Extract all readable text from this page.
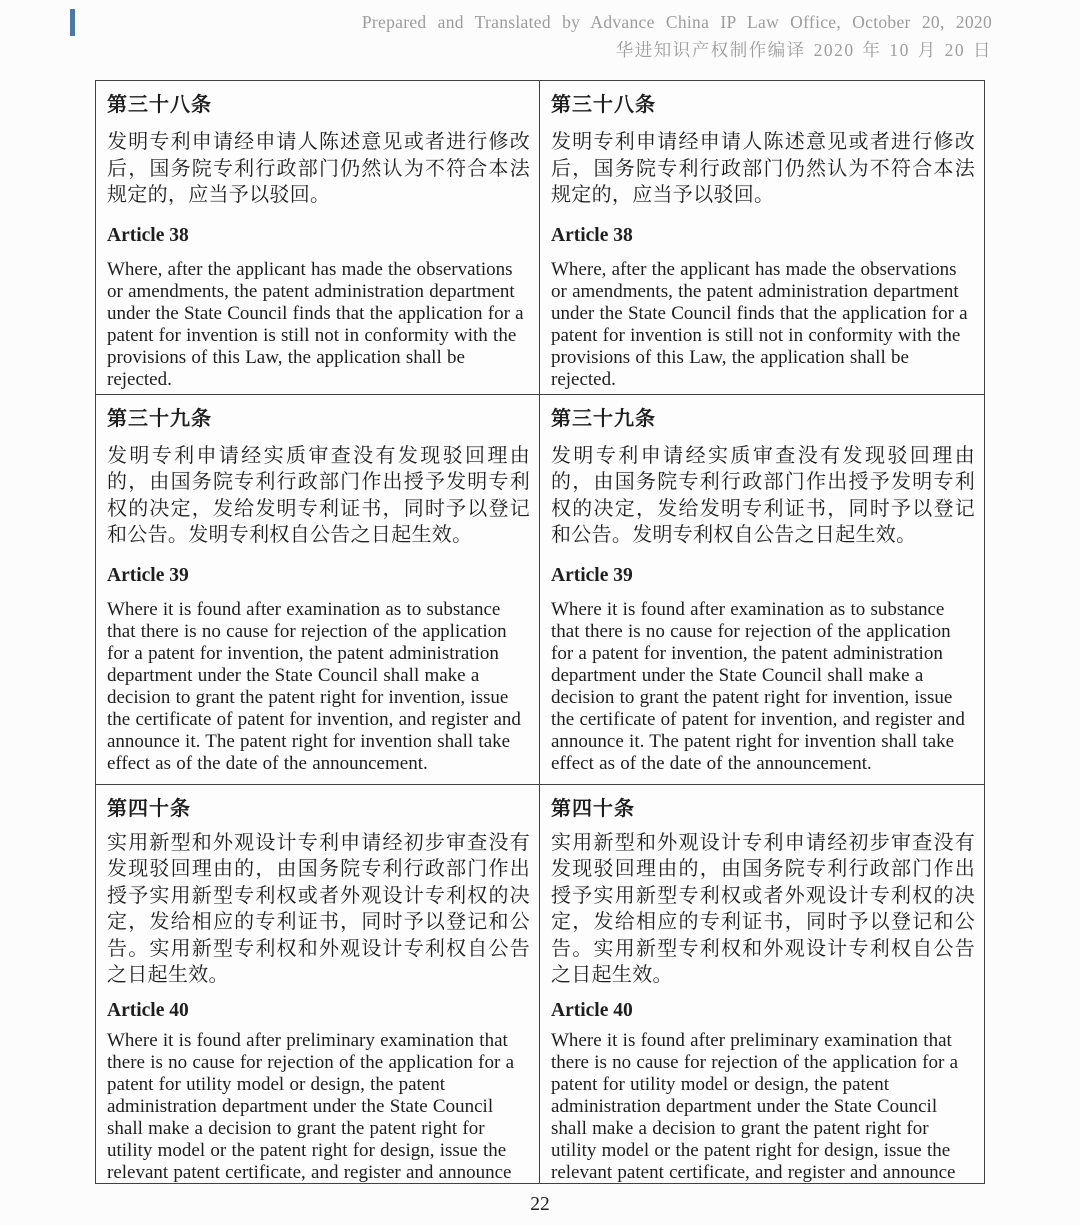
Prepared and Translated by Advance China IP Law Office, October 20, 2020
华进知识产权制作编译 2020 年 10 月 20 日

第三十八条

发明专利申请经申请人陈述意见或者进行修改后，国务院专利行政部门仍然认为不符合本法规定的，应当予以驳回。

Article 38

Where, after the applicant has made the observations or amendments, the patent administration department under the State Council finds that the application for a patent for invention is still not in conformity with the provisions of this Law, the application shall be rejected.

第三十八条

发明专利申请经申请人陈述意见或者进行修改后，国务院专利行政部门仍然认为不符合本法规定的，应当予以驳回。

Article 38

Where, after the applicant has made the observations or amendments, the patent administration department under the State Council finds that the application for a patent for invention is still not in conformity with the provisions of this Law, the application shall be rejected.

第三十九条

发明专利申请经实质审查没有发现驳回理由的，由国务院专利行政部门作出授予发明专利权的决定，发给发明专利证书，同时予以登记和公告。发明专利权自公告之日起生效。

Article 39

Where it is found after examination as to substance that there is no cause for rejection of the application for a patent for invention, the patent administration department under the State Council shall make a decision to grant the patent right for invention, issue the certificate of patent for invention, and register and announce it. The patent right for invention shall take effect as of the date of the announcement.

第三十九条

发明专利申请经实质审查没有发现驳回理由的，由国务院专利行政部门作出授予发明专利权的决定，发给发明专利证书，同时予以登记和公告。发明专利权自公告之日起生效。

Article 39

Where it is found after examination as to substance that there is no cause for rejection of the application for a patent for invention, the patent administration department under the State Council shall make a decision to grant the patent right for invention, issue the certificate of patent for invention, and register and announce it. The patent right for invention shall take effect as of the date of the announcement.

第四十条

实用新型和外观设计专利申请经初步审查没有发现驳回理由的，由国务院专利行政部门作出授予实用新型专利权或者外观设计专利权的决定，发给相应的专利证书，同时予以登记和公告。实用新型专利权和外观设计专利权自公告之日起生效。

Article 40

Where it is found after preliminary examination that there is no cause for rejection of the application for a patent for utility model or design, the patent administration department under the State Council shall make a decision to grant the patent right for utility model or the patent right for design, issue the relevant patent certificate, and register and announce

第四十条

实用新型和外观设计专利申请经初步审查没有发现驳回理由的，由国务院专利行政部门作出授予实用新型专利权或者外观设计专利权的决定，发给相应的专利证书，同时予以登记和公告。实用新型专利权和外观设计专利权自公告之日起生效。

Article 40

Where it is found after preliminary examination that there is no cause for rejection of the application for a patent for utility model or design, the patent administration department under the State Council shall make a decision to grant the patent right for utility model or the patent right for design, issue the relevant patent certificate, and register and announce

22
